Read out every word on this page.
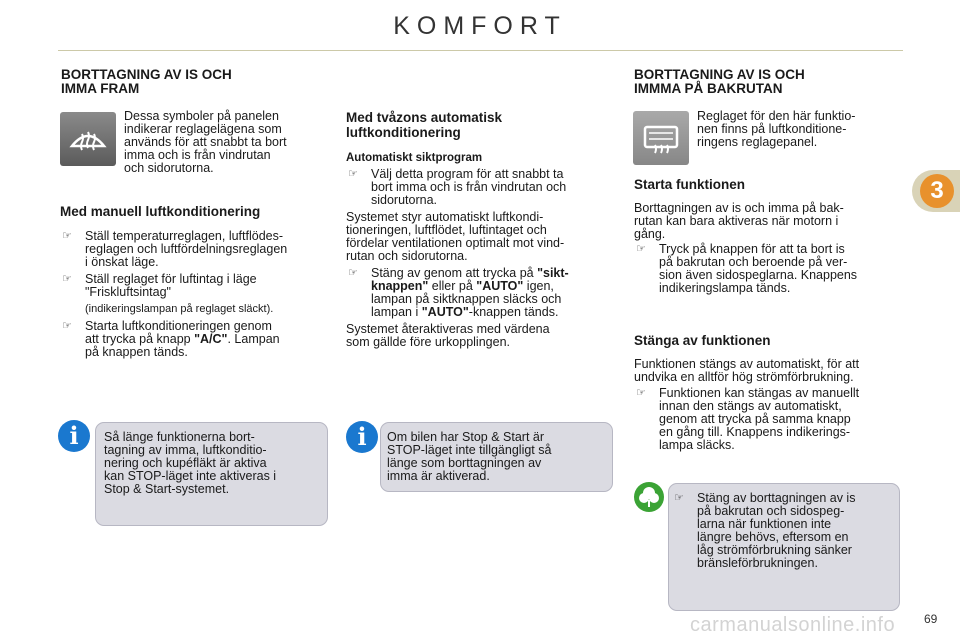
KOMFORT
3
BORTTAGNING AV IS OCH
IMMA FRAM

Dessa symboler på panelen

indikerar reglagelägena som

används för att snabbt ta bort

imma och is från vindrutan

och sidorutorna.

Med manuell luftkonditionering
☞	Ställ temperaturreglagen, luftflödes-
reglagen och luftfördelningsreglagen
i önskat läge.
☞	Ställ reglaget för luftintag i läge
"Friskluftsintag"
(indikeringslampan på reglaget släckt).
☞	Starta luftkonditioneringen genom
att trycka på knapp "A/C". Lampan
på knappen tänds.
i	Så länge funktionerna bort-

tagning av imma, luftkonditio-

nering och kupéfläkt är aktiva

kan STOP-läget inte aktiveras i

Stop & Start-systemet.

Med tvåzons automatisk
luftkonditionering
Automatiskt siktprogram
☞	Välj detta program för att snabbt ta
bort imma och is från vindrutan och
sidorutorna.

Systemet styr automatiskt luftkondi-

tioneringen, luftflödet, luftintaget och

fördelar ventilationen optimalt mot vind-

rutan och sidorutorna.

☞	Stäng av genom att trycka på "sikt-
knappen" eller på "AUTO" igen,
lampan på siktknappen släcks och
lampan i "AUTO"-knappen tänds.

Systemet återaktiveras med värdena

som gällde före urkopplingen.

i	Om bilen har Stop & Start är

STOP-läget inte tillgängligt så

länge som borttagningen av

imma är aktiverad.

BORTTAGNING AV IS OCH
IMMMA PÅ BAKRUTAN

Reglaget för den här funktio-

nen finns på luftkonditione-

ringens reglagepanel.

Starta funktionen

Borttagningen av is och imma på bak-

rutan kan bara aktiveras när motorn i

gång.

☞	Tryck på knappen för att ta bort is
på bakrutan och beroende på ver-
sion även sidospeglarna. Knappens
indikeringslampa tänds.
Stänga av funktionen

Funktionen stängs av automatiskt, för att

undvika en alltför hög strömförbrukning.

☞	Funktionen kan stängas av manuellt
innan den stängs av automatiskt,
genom att trycka på samma knapp
en gång till. Knappens indikerings-
lampa släcks.
☞	Stäng av borttagningen av is
på bakrutan och sidospeg-
larna när funktionen inte
längre behövs, eftersom en
låg strömförbrukning sänker
bränsleförbrukningen.
carmanualsonline.info 69
